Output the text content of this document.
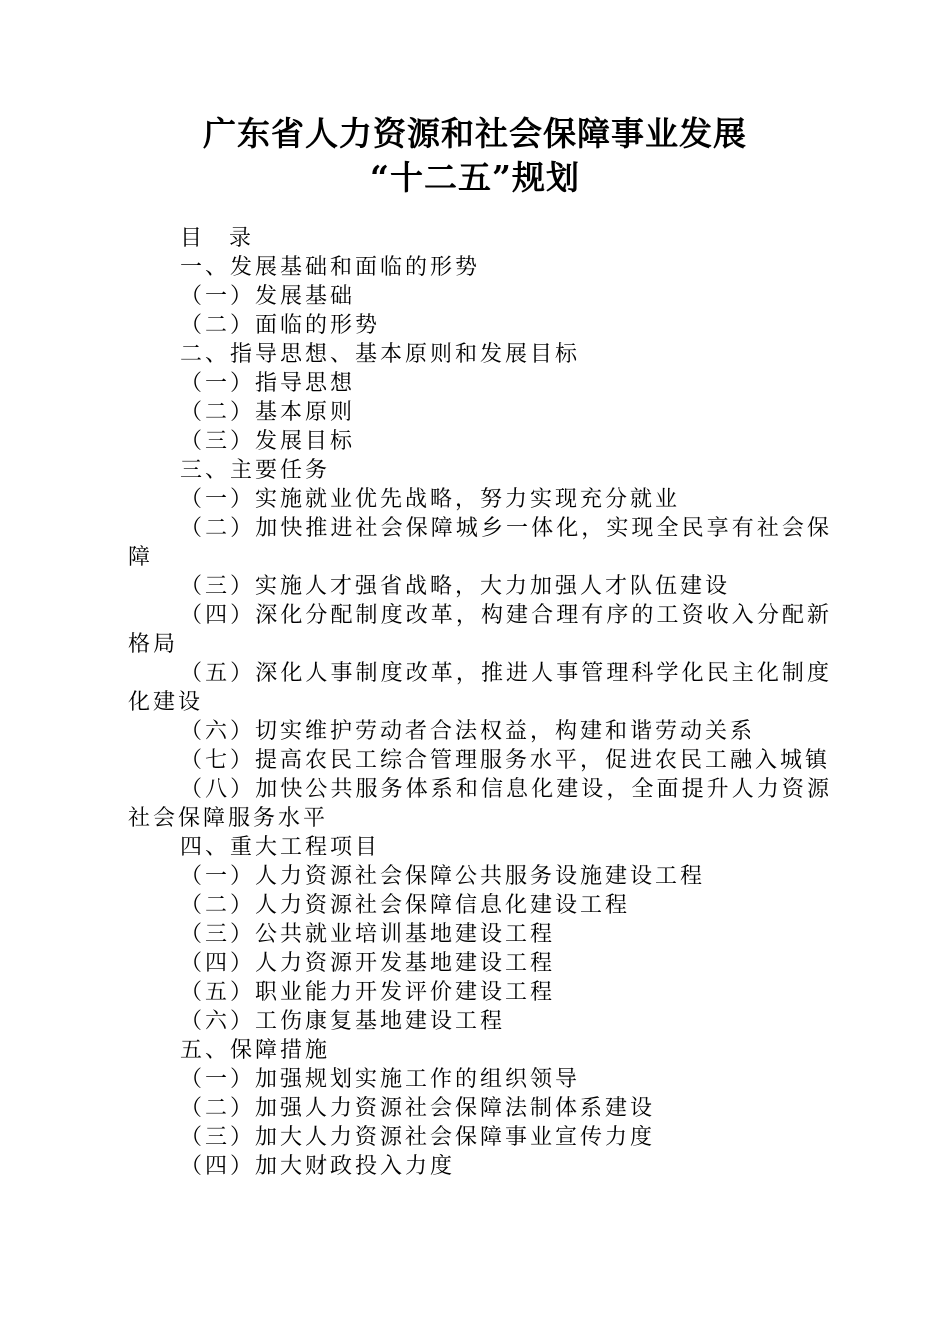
广东省人力资源和社会保障事业发展
“十二五”规划
目 录
一、发展基础和面临的形势
（一）发展基础
（二）面临的形势
二、指导思想、基本原则和发展目标
（一）指导思想
（二）基本原则
（三）发展目标
三、主要任务
（一）实施就业优先战略，努力实现充分就业
（二）加快推进社会保障城乡一体化，实现全民享有社会保障
（三）实施人才强省战略，大力加强人才队伍建设
（四）深化分配制度改革，构建合理有序的工资收入分配新格局
（五）深化人事制度改革，推进人事管理科学化民主化制度化建设
（六）切实维护劳动者合法权益，构建和谐劳动关系
（七）提高农民工综合管理服务水平，促进农民工融入城镇
（八）加快公共服务体系和信息化建设，全面提升人力资源社会保障服务水平
四、重大工程项目
（一）人力资源社会保障公共服务设施建设工程
（二）人力资源社会保障信息化建设工程
（三）公共就业培训基地建设工程
（四）人力资源开发基地建设工程
（五）职业能力开发评价建设工程
（六）工伤康复基地建设工程
五、保障措施
（一）加强规划实施工作的组织领导
（二）加强人力资源社会保障法制体系建设
（三）加大人力资源社会保障事业宣传力度
（四）加大财政投入力度
